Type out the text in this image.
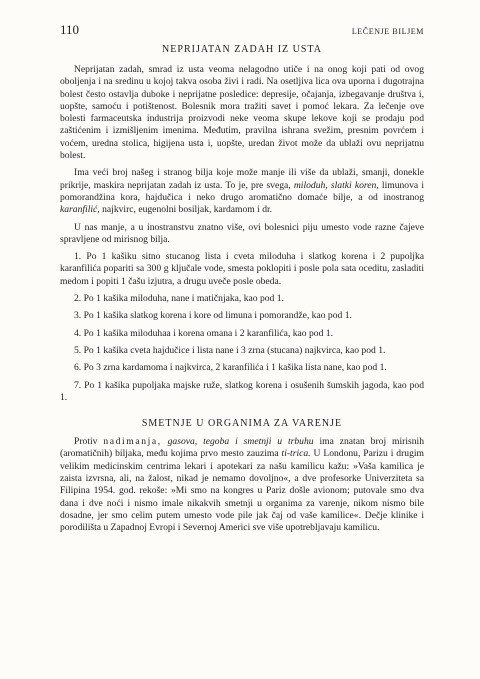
110	LEČENJE BILJEM
NEPRIJATAN ZADAH IZ USTA

Neprijatan zadah, smrad iz usta veoma nelagodno utiče i na onog koji pati od ovog oboljenja i na sredinu u kojoj takva osoba živi i radi. Na osetljiva lica ova uporna i dugotrajna bolest često ostavlja duboke i neprijatne posledice: depresije, očajanja, izbegavanje društva i, uopšte, samoću i potištenost. Bolesnik mora tražiti savet i pomoć lekara. Za lečenje ove bolesti farmaceutska industrija proizvodi neke veoma skupe lekove koji se prodaju pod zaštićenim i izmišljenim imenima. Međutim, pravilna ishrana svežim, presnim povrćem i voćem, uredna stolica, higijena usta i, uopšte, uredan život može da ublaži ovu neprijatnu bolest.

Ima veći broj našeg i stranog bilja koje može manje ili više da ublaži, smanji, donekle prikrije, maskira neprijatan zadah iz usta. To je, pre svega, miloduh, slatki koren, limunova i pomorandžina kora, hajdučica i neko drugo aromatično domaće bilje, a od inostranog karanfilić, najkvirc, eugenolni bosiljak, kardamom i dr.

U nas manje, a u inostranstvu znatno više, ovi bolesnici piju umesto vode razne čajeve spravljene od mirisnog bilja.

1. Po 1 kašiku sitno stucanog lista i cveta miloduha i slatkog korena i 2 pupoljka karanfilića popariti sa 300 g ključale vode, smesta poklopiti i posle pola sata oceditu, zasladiti medom i popiti 1 čašu izjutra, a drugu uveče posle obeda.

2. Po 1 kašika miloduha, nane i matičnjaka, kao pod 1.

3. Po 1 kašika slatkog korena i kore od limuna i pomorandže, kao pod 1.

4. Po 1 kašika miloduhaa i korena omana i 2 karanfilića, kao pod 1.

5. Po 1 kašika cveta hajdučice i lista nane i 3 zrna (stucana) najkvirca, kao pod 1.

6. Po 3 zrna kardamoma i najkvirca, 2 karanfilića i 1 kašika lista nane, kao pod 1.

7. Po 1 kašika pupoljaka majske ruže, slatkog korena i osušenih šumskih jagoda, kao pod 1.

SMETNJE U ORGANIMA ZA VARENJE

Protiv nadimanja, gasova, tegoba i smetnji u trbuhu ima znatan broj mirisnih (aromatičnih) biljaka, među kojima prvo mesto zauzima ti-trica. U Londonu, Parizu i drugim velikim medicinskim centrima lekari i apotekari za našu kamilicu kažu: »Vaša kamilica je zaista izvrsna, ali, na žalost, nikad je nemamo dovoljno«, a dve profesorke Univerziteta sa Filipina 1954. god. rekoše: »Mi smo na kongres u Pariz došle avionom; putovale smo dva dana i dve noći i nismo imale nikakvih smetnji u organima za varenje, nikom nismo bile dosadne, jer smo celim putem umesto vode pile jak čaj od vaše kamilice«. Dečje klinike i porodilišta u Zapadnoj Evropi i Severnoj Americi sve više upotrebljavaju kamilicu.
